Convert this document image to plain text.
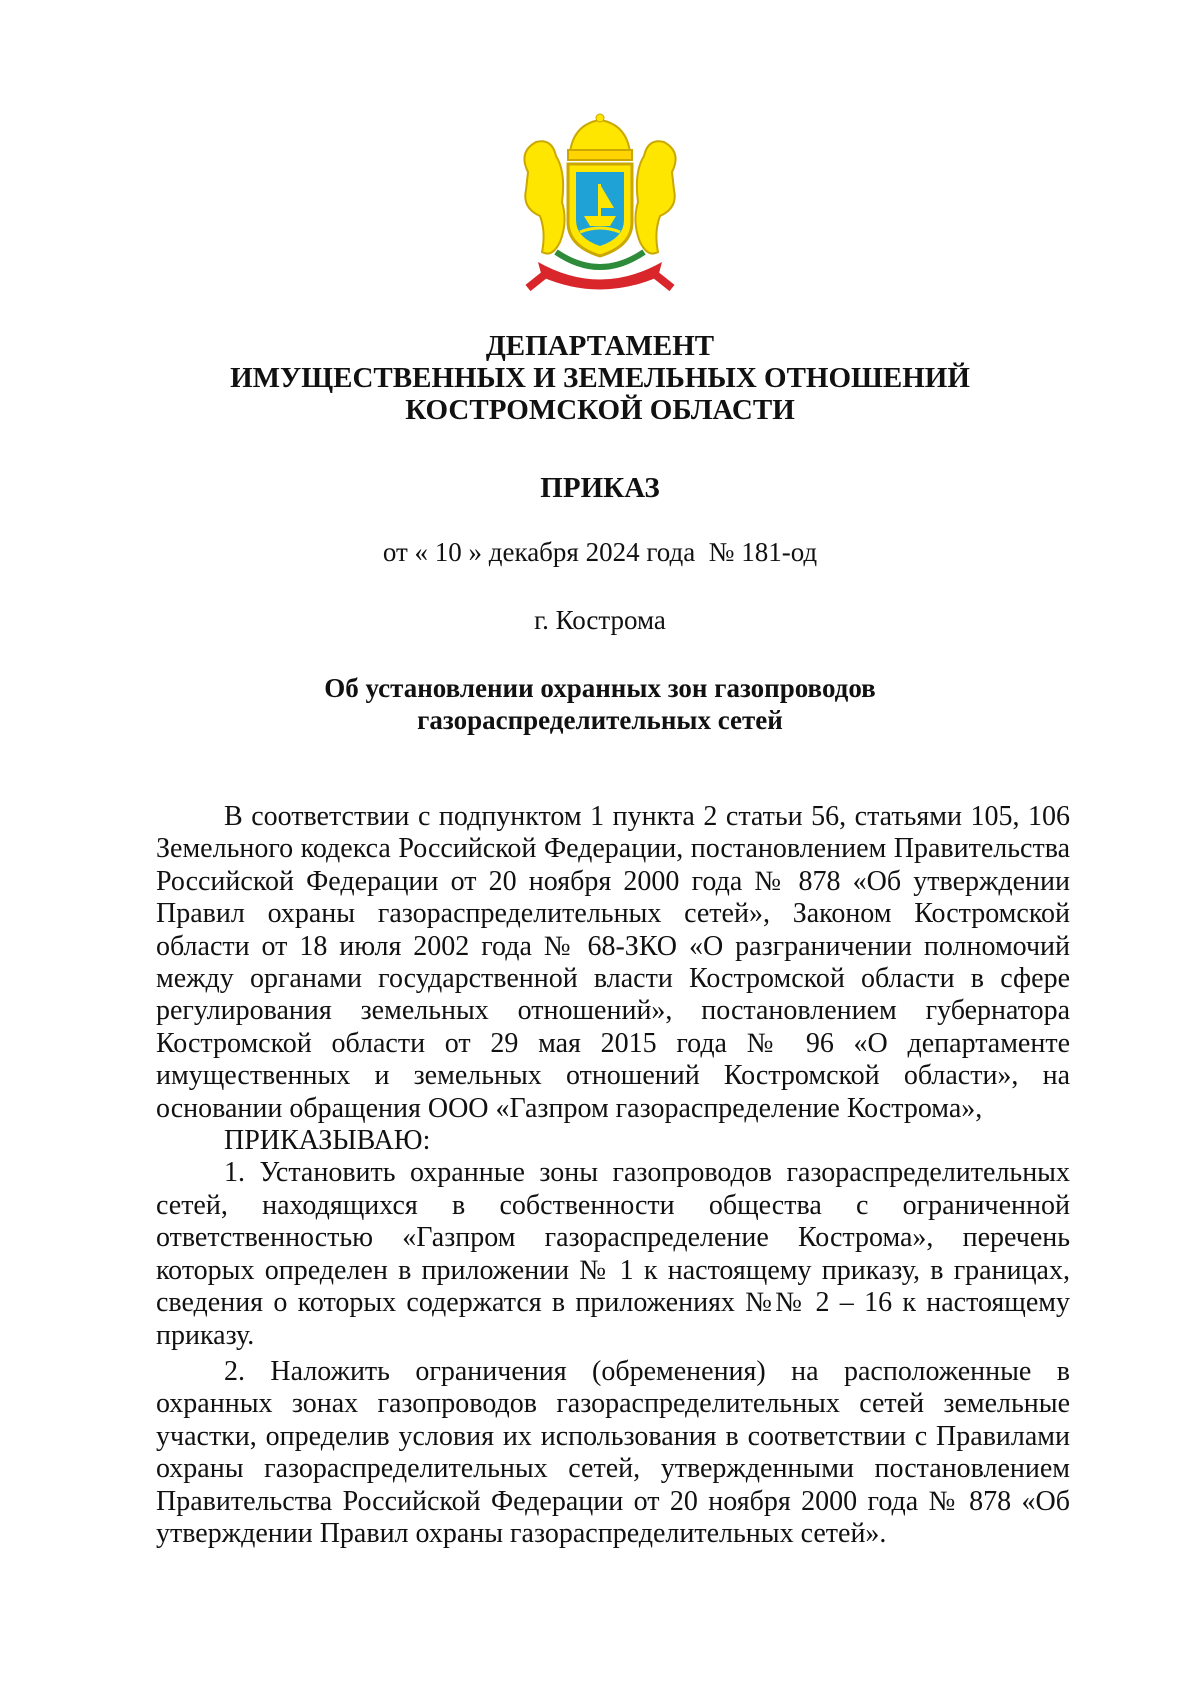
ДЕПАРТАМЕНТ
ИМУЩЕСТВЕННЫХ И ЗЕМЕЛЬНЫХ ОТНОШЕНИЙ
КОСТРОМСКОЙ ОБЛАСТИ
ПРИКАЗ
от « 10 » декабря 2024 года  № 181-од
г. Кострома
Об установлении охранных зон газопроводов
газораспределительных сетей

В соответствии с подпунктом 1 пункта 2 статьи 56, статьями 105, 106 Земельного кодекса Российской Федерации, постановлением Правительства Российской Федерации от 20 ноября 2000 года № 878 «Об утверждении Правил охраны газораспределительных сетей», Законом Костромской области от 18 июля 2002 года № 68-ЗКО «О разграничении полномочий между органами государственной власти Костромской области в сфере регулирования земельных отношений», постановлением губернатора Костромской области от 29 мая 2015 года № 96 «О департаменте имущественных и земельных отношений Костромской области», на основании обращения ООО «Газпром газораспределение Кострома»,

ПРИКАЗЫВАЮ:

1. Установить охранные зоны газопроводов газораспределительных сетей, находящихся в собственности общества с ограниченной ответственностью «Газпром газораспределение Кострома», перечень которых определен в приложении № 1 к настоящему приказу, в границах, сведения о которых содержатся в приложениях №№ 2 – 16 к настоящему приказу.

2. Наложить ограничения (обременения) на расположенные в охранных зонах газопроводов газораспределительных сетей земельные участки, определив условия их использования в соответствии с Правилами охраны газораспределительных сетей, утвержденными постановлением Правительства Российской Федерации от 20 ноября 2000 года № 878 «Об утверждении Правил охраны газораспределительных сетей».
